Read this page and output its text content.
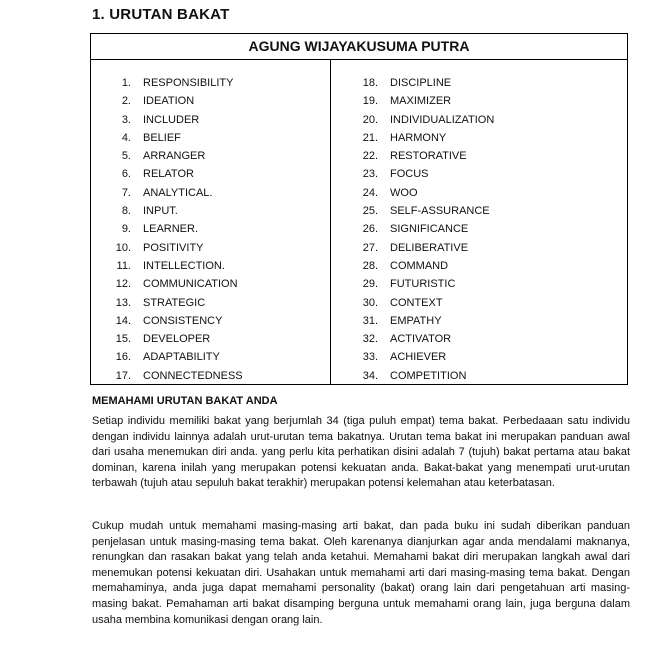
1. URUTAN BAKAT
AGUNG WIJAYAKUSUMA PUTRA
1. RESPONSIBILITY
2. IDEATION
3. INCLUDER
4. BELIEF
5. ARRANGER
6. RELATOR
7. ANALYTICAL.
8. INPUT.
9. LEARNER.
10. POSITIVITY
11. INTELLECTION.
12. COMMUNICATION
13. STRATEGIC
14. CONSISTENCY
15. DEVELOPER
16. ADAPTABILITY
17. CONNECTEDNESS
18. DISCIPLINE
19. MAXIMIZER
20. INDIVIDUALIZATION
21. HARMONY
22. RESTORATIVE
23. FOCUS
24. WOO
25. SELF-ASSURANCE
26. SIGNIFICANCE
27. DELIBERATIVE
28. COMMAND
29. FUTURISTIC
30. CONTEXT
31. EMPATHY
32. ACTIVATOR
33. ACHIEVER
34. COMPETITION
MEMAHAMI URUTAN BAKAT ANDA

Setiap individu memiliki bakat yang berjumlah 34 (tiga puluh empat) tema bakat. Perbedaaan satu individu dengan individu lainnya adalah urut-urutan tema bakatnya. Urutan tema bakat ini merupakan panduan awal dari usaha menemukan diri anda. yang perlu kita perhatikan disini adalah 7 (tujuh) bakat pertama atau bakat dominan, karena inilah yang merupakan potensi kekuatan anda. Bakat-bakat yang menempati urut-urutan terbawah (tujuh atau sepuluh bakat terakhir) merupakan potensi kelemahan atau keterbatasan.

Cukup mudah untuk memahami masing-masing arti bakat, dan pada buku ini sudah diberikan panduan penjelasan untuk masing-masing tema bakat. Oleh karenanya dianjurkan agar anda mendalami maknanya, renungkan dan rasakan bakat yang telah anda ketahui. Memahami bakat diri merupakan langkah awal dari menemukan potensi kekuatan diri. Usahakan untuk memahami arti dari masing-masing tema bakat. Dengan memahaminya, anda juga dapat memahami personality (bakat) orang lain dari pengetahuan arti masing-masing bakat. Pemahaman arti bakat disamping berguna untuk memahami orang lain, juga berguna dalam usaha membina komunikasi dengan orang lain.
